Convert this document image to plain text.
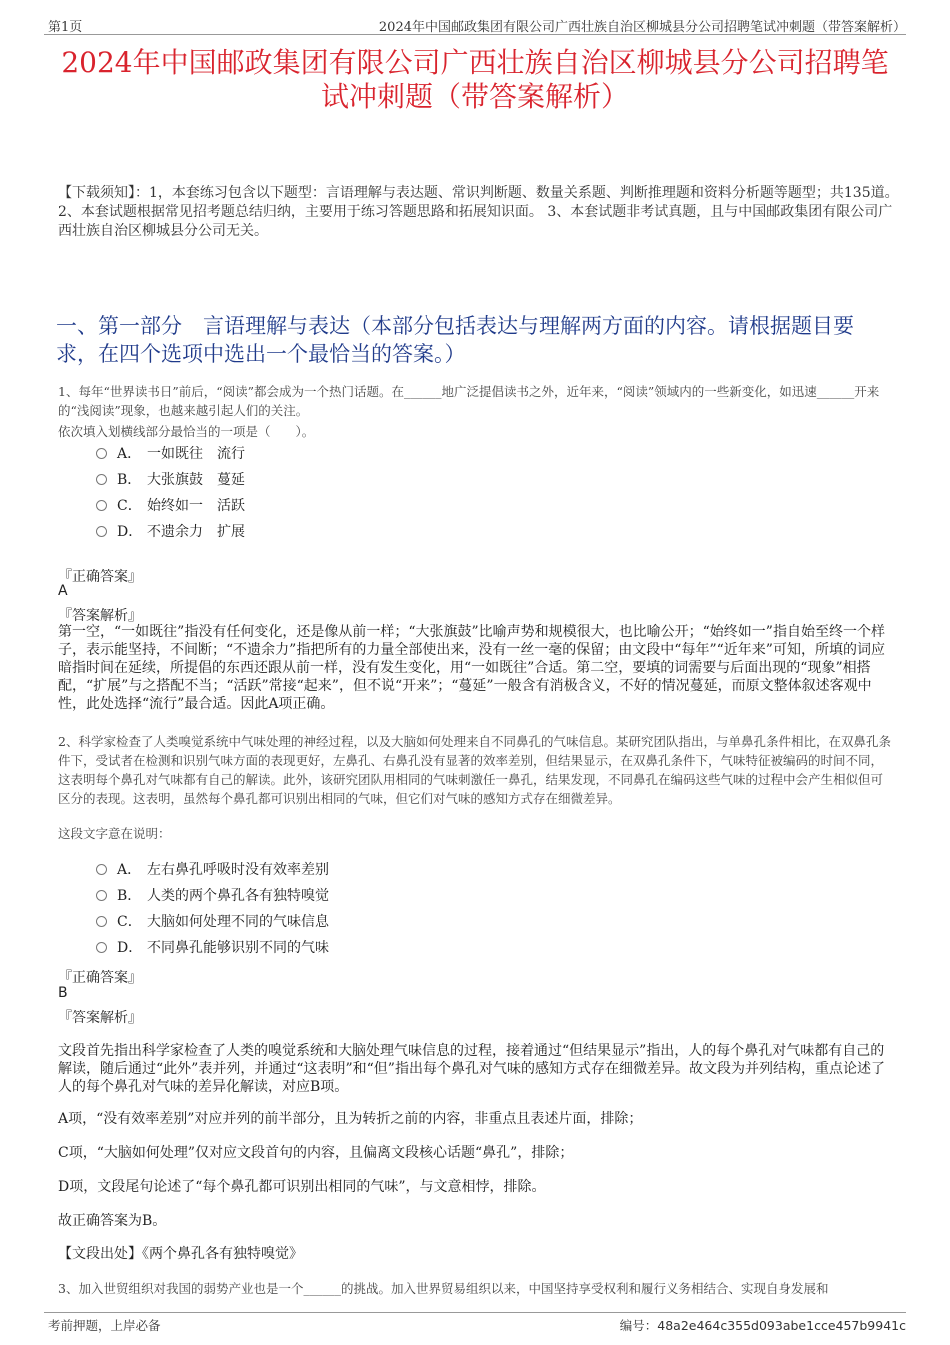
第1页	2024年中国邮政集团有限公司广西壮族自治区柳城县分公司招聘笔试冲刺题（带答案解析）
2024年中国邮政集团有限公司广西壮族自治区柳城县分公司招聘笔试冲刺题（带答案解析）
【下载须知】：1，本套练习包含以下题型：言语理解与表达题、常识判断题、数量关系题、判断推理题和资料分析题等题型；共135道。 2、本套试题根据常见招考题总结归纳，主要用于练习答题思路和拓展知识面。 3、本套试题非考试真题，且与中国邮政集团有限公司广西壮族自治区柳城县分公司无关。
一、第一部分　言语理解与表达（本部分包括表达与理解两方面的内容。请根据题目要求，在四个选项中选出一个最恰当的答案。）
1、每年“世界读书日”前后，“阅读”都会成为一个热门话题。在______地广泛提倡读书之外，近年来，“阅读”领域内的一些新变化，如迅速______开来的“浅阅读”现象，也越来越引起人们的关注。
依次填入划横线部分最恰当的一项是（　　）。
A． 一如既往　流行
B． 大张旗鼓　蔓延
C． 始终如一　活跃
D． 不遗余力　扩展
『正确答案』
A
『答案解析』
第一空，“一如既往”指没有任何变化，还是像从前一样；“大张旗鼓”比喻声势和规模很大，也比喻公开；“始终如一”指自始至终一个样子，表示能坚持，不间断；“不遗余力”指把所有的力量全部使出来，没有一丝一毫的保留；由文段中“每年”“近年来”可知，所填的词应暗指时间在延续，所提倡的东西还跟从前一样，没有发生变化，用“一如既往”合适。第二空，要填的词需要与后面出现的“现象”相搭配，“扩展”与之搭配不当；“活跃”常接“起来”，但不说“开来”；“蔓延”一般含有消极含义，不好的情况蔓延，而原文整体叙述客观中性，此处选择“流行”最合适。因此A项正确。
2、科学家检查了人类嗅觉系统中气味处理的神经过程，以及大脑如何处理来自不同鼻孔的气味信息。某研究团队指出，与单鼻孔条件相比，在双鼻孔条件下，受试者在检测和识别气味方面的表现更好，左鼻孔、右鼻孔没有显著的效率差别，但结果显示，在双鼻孔条件下，气味特征被编码的时间不同，这表明每个鼻孔对气味都有自己的解读。此外，该研究团队用相同的气味刺激任一鼻孔，结果发现，不同鼻孔在编码这些气味的过程中会产生相似但可区分的表现。这表明，虽然每个鼻孔都可识别出相同的气味，但它们对气味的感知方式存在细微差异。
这段文字意在说明：
A． 左右鼻孔呼吸时没有效率差别
B． 人类的两个鼻孔各有独特嗅觉
C． 大脑如何处理不同的气味信息
D． 不同鼻孔能够识别不同的气味
『正确答案』
B
『答案解析』
文段首先指出科学家检查了人类的嗅觉系统和大脑处理气味信息的过程，接着通过“但结果显示”指出，人的每个鼻孔对气味都有自己的解读，随后通过“此外”表并列，并通过“这表明”和“但”指出每个鼻孔对气味的感知方式存在细微差异。故文段为并列结构，重点论述了人的每个鼻孔对气味的差异化解读，对应B项。
A项，“没有效率差别”对应并列的前半部分，且为转折之前的内容，非重点且表述片面，排除；
C项，“大脑如何处理”仅对应文段首句的内容，且偏离文段核心话题“鼻孔”，排除；
D项，文段尾句论述了“每个鼻孔都可识别出相同的气味”，与文意相悖，排除。
故正确答案为B。
【文段出处】《两个鼻孔各有独特嗅觉》
3、加入世贸组织对我国的弱势产业也是一个______的挑战。加入世界贸易组织以来，中国坚持享受权利和履行义务相结合、实现自身发展和
考前押题，上岸必备	编号：48a2e464c355d093abe1cce457b9941c
